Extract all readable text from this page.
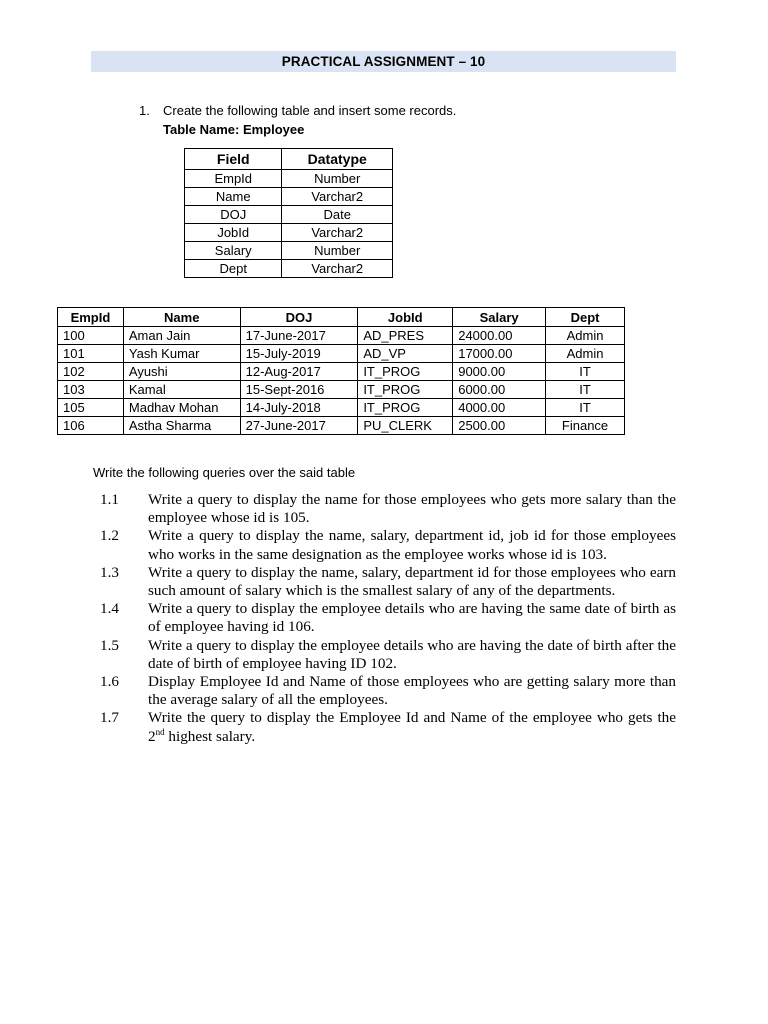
PRACTICAL ASSIGNMENT – 10
1. Create the following table and insert some records.
Table Name: Employee
Field	Datatype
EmpId	Number
Name	Varchar2
DOJ	Date
JobId	Varchar2
Salary	Number
Dept	Varchar2
EmpId	Name	DOJ	JobId	Salary	Dept
100	Aman Jain	17-June-2017	AD_PRES	24000.00	Admin
101	Yash Kumar	15-July-2019	AD_VP	17000.00	Admin
102	Ayushi	12-Aug-2017	IT_PROG	9000.00	IT
103	Kamal	15-Sept-2016	IT_PROG	6000.00	IT
105	Madhav Mohan	14-July-2018	IT_PROG	4000.00	IT
106	Astha Sharma	27-June-2017	PU_CLERK	2500.00	Finance
Write the following queries over the said table
1.1	Write a query to display the name for those employees who gets more salary than the employee whose id is 105.
1.2	Write a query to display the name, salary, department id, job id for those employees who works in the same designation as the employee works whose id is 103.
1.3	Write a query to display the name, salary, department id for those employees who earn such amount of salary which is the smallest salary of any of the departments.
1.4	Write a query to display the employee details who are having the same date of birth as of employee having id 106.
1.5	Write a query to display the employee details who are having the date of birth after the date of birth of employee having ID 102.
1.6	Display Employee Id and Name of those employees who are getting salary more than the average salary of all the employees.
1.7	Write the query to display the Employee Id and Name of the employee who gets the 2nd highest salary.
